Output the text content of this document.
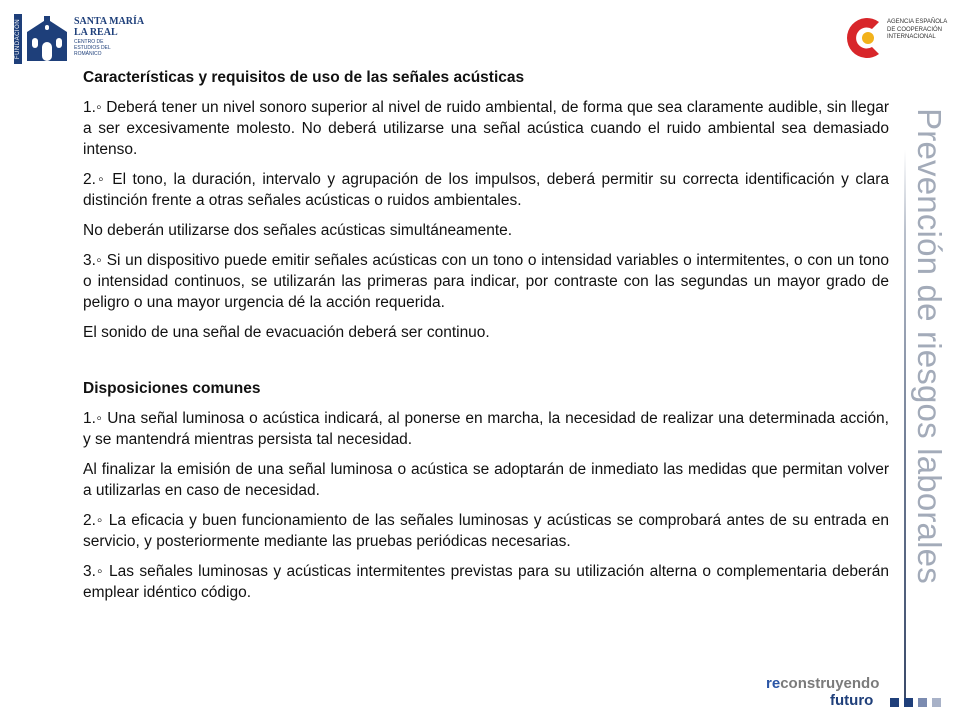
FUNDACIÓN	SANTA MARÍA
LA REAL
CENTRO DE ESTUDIOS DEL ROMÁNICO
AGENCIA ESPAÑOLA DE COOPERACIÓN INTERNACIONAL
Prevención de riesgos laborales
Características y requisitos de uso de las señales acústicas

1.◦ Deberá tener un nivel sonoro superior al nivel de ruido ambiental, de forma que sea claramente audible, sin llegar a ser excesivamente molesto. No deberá utilizarse una señal acústica cuando el ruido ambiental sea demasiado intenso.

2.◦ El tono, la duración, intervalo y agrupación de los impulsos, deberá permitir su correcta identificación y clara distinción frente a otras señales acústicas o ruidos ambientales.

No deberán utilizarse dos señales acústicas simultáneamente.

3.◦ Si un dispositivo puede emitir señales acústicas con un tono o intensidad variables o intermitentes, o con un tono o intensidad continuos, se utilizarán las primeras para indicar, por contraste con las segundas un mayor grado de peligro o una mayor urgencia dé la acción requerida.

El sonido de una señal de evacuación deberá ser continuo.

Disposiciones comunes

1.◦ Una señal luminosa o acústica indicará, al ponerse en marcha, la necesidad de realizar una determinada acción, y se mantendrá mientras persista tal necesidad.

Al finalizar la emisión de una señal luminosa o acústica se adoptarán de inmediato las medidas que permitan volver a utilizarlas en caso de necesidad.

2.◦ La eficacia y buen funcionamiento de las señales luminosas y acústicas se comprobará antes de su entrada en servicio, y posteriormente mediante las pruebas periódicas necesarias.

3.◦ Las señales luminosas y acústicas intermitentes previstas para su utilización alterna o complementaria deberán emplear idéntico código.

reconstruyendo
futuro
